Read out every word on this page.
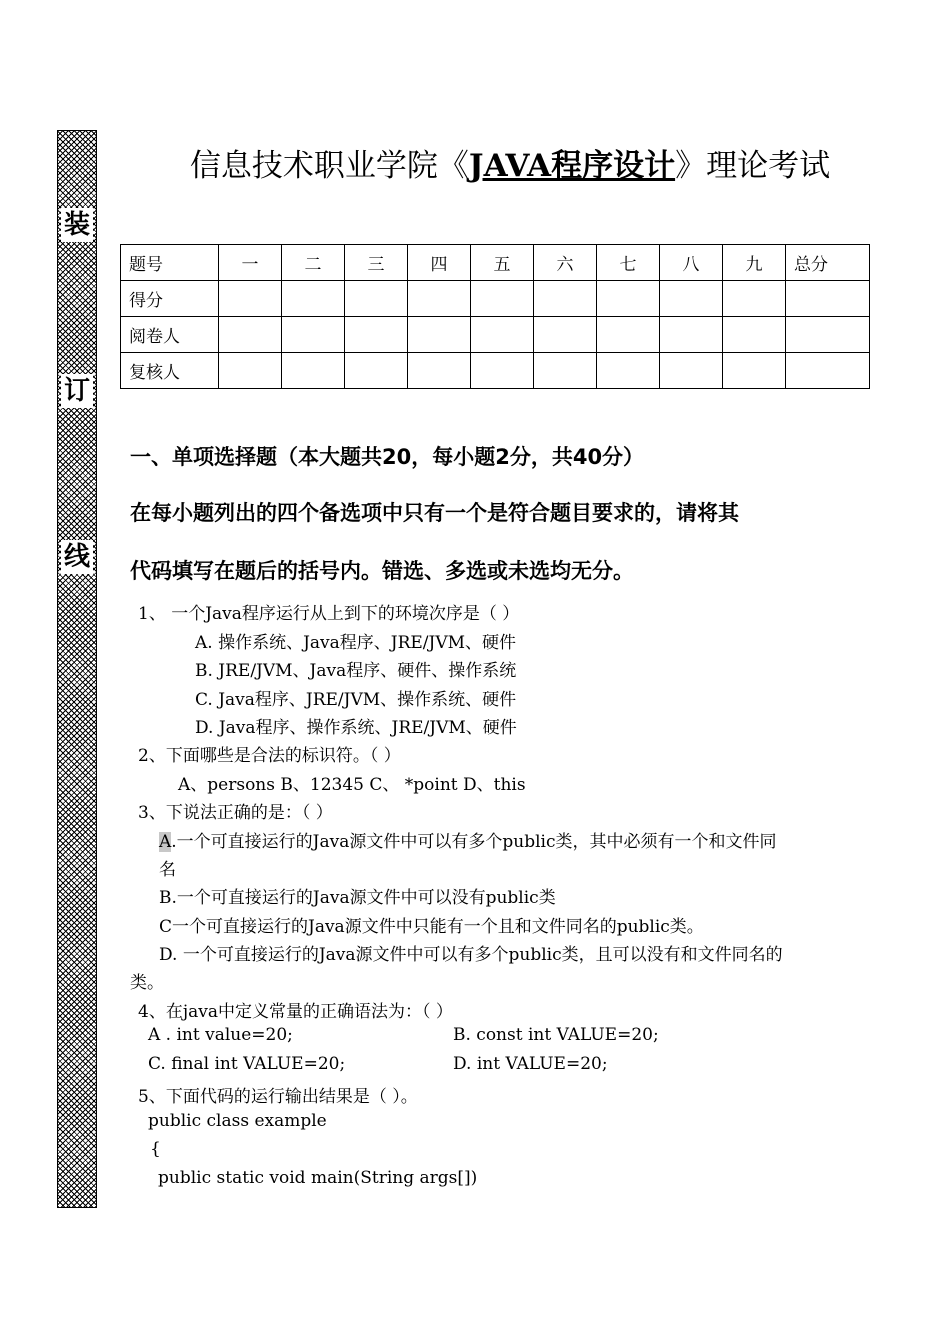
装
订
线
信息技术职业学院《JAVA程序设计》理论考试
题号	一	二	三	四	五	六	七	八	九	总分
得分										
阅卷人										
复核人										
一、单项选择题（本大题共20，每小题2分，共40分）
在每小题列出的四个备选项中只有一个是符合题目要求的，请将其
代码填写在题后的括号内。错选、多选或未选均无分。
1、 一个Java程序运行从上到下的环境次序是（ ）
A. 操作系统、Java程序、JRE/JVM、硬件
B. JRE/JVM、Java程序、硬件、操作系统
C. Java程序、JRE/JVM、操作系统、硬件
D. Java程序、操作系统、JRE/JVM、硬件
2、下面哪些是合法的标识符。（ ）
A、persons B、12345 C、 *point D、this
3、下说法正确的是：（ ）
A.一个可直接运行的Java源文件中可以有多个public类，其中必须有一个和文件同
名
B.一个可直接运行的Java源文件中可以没有public类
C一个可直接运行的Java源文件中只能有一个且和文件同名的public类。
D. 一个可直接运行的Java源文件中可以有多个public类，且可以没有和文件同名的
类。
4、在java中定义常量的正确语法为：（ ）
A . int value=20;	B. const int VALUE=20;
C. final int VALUE=20;	D. int VALUE=20;
5、下面代码的运行输出结果是（ ）。
public class example
{
public static void main(String args[])
